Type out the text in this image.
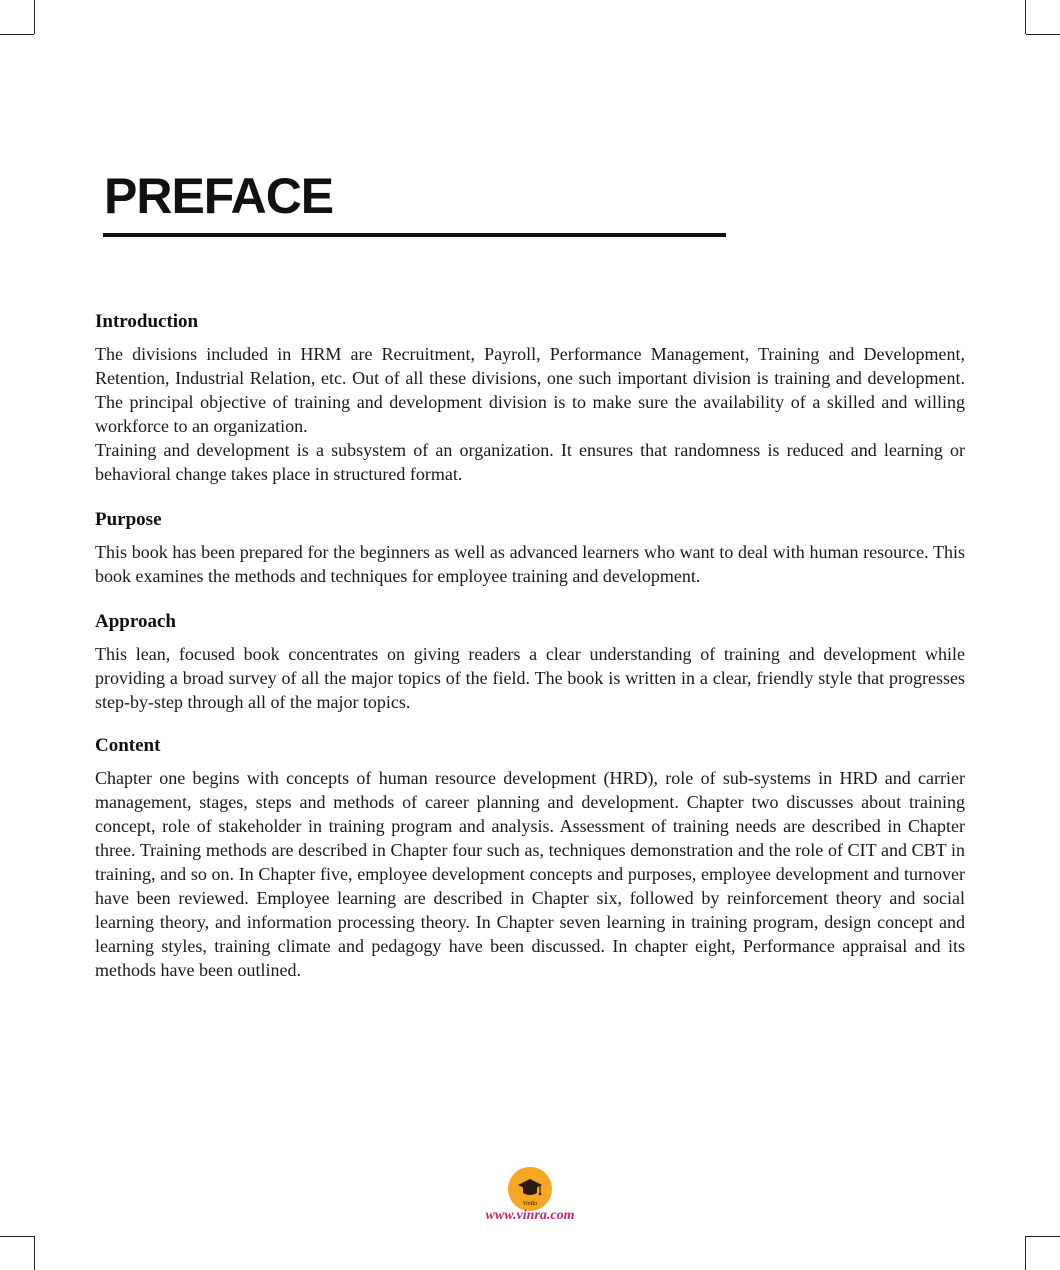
PREFACE
Introduction

The divisions included in HRM are Recruitment, Payroll, Performance Management, Training and Development, Retention, Industrial Relation, etc. Out of all these divisions, one such important division is training and development. The principal objective of training and development division is to make sure the availability of a skilled and willing workforce to an organization.

Training and development is a subsystem of an organization. It ensures that randomness is reduced and learning or behavioral change takes place in structured format.

Purpose

This book has been prepared for the beginners as well as advanced learners who want to deal with human resource. This book examines the methods and techniques for employee training and development.

Approach

This lean, focused book concentrates on giving readers a clear understanding of training and development while providing a broad survey of all the major topics of the field. The book is written in a clear, friendly style that progresses step-by-step through all of the major topics.

Content

Chapter one begins with concepts of human resource development (HRD), role of sub-systems in HRD and carrier management, stages, steps and methods of career planning and development. Chapter two discusses about training concept, role of stakeholder in training program and analysis. Assessment of training needs are described in Chapter three. Training methods are described in Chapter four such as, techniques demonstration and the role of CIT and CBT in training, and so on. In Chapter five, employee development concepts and purposes, employee development and turnover have been reviewed. Employee learning are described in Chapter six, followed by reinforcement theory and social learning theory, and information processing theory. In Chapter seven learning in training program, design concept and learning styles, training climate and pedagogy have been discussed. In chapter eight, Performance appraisal and its methods have been outlined.

VinRa
www.vinra.com
